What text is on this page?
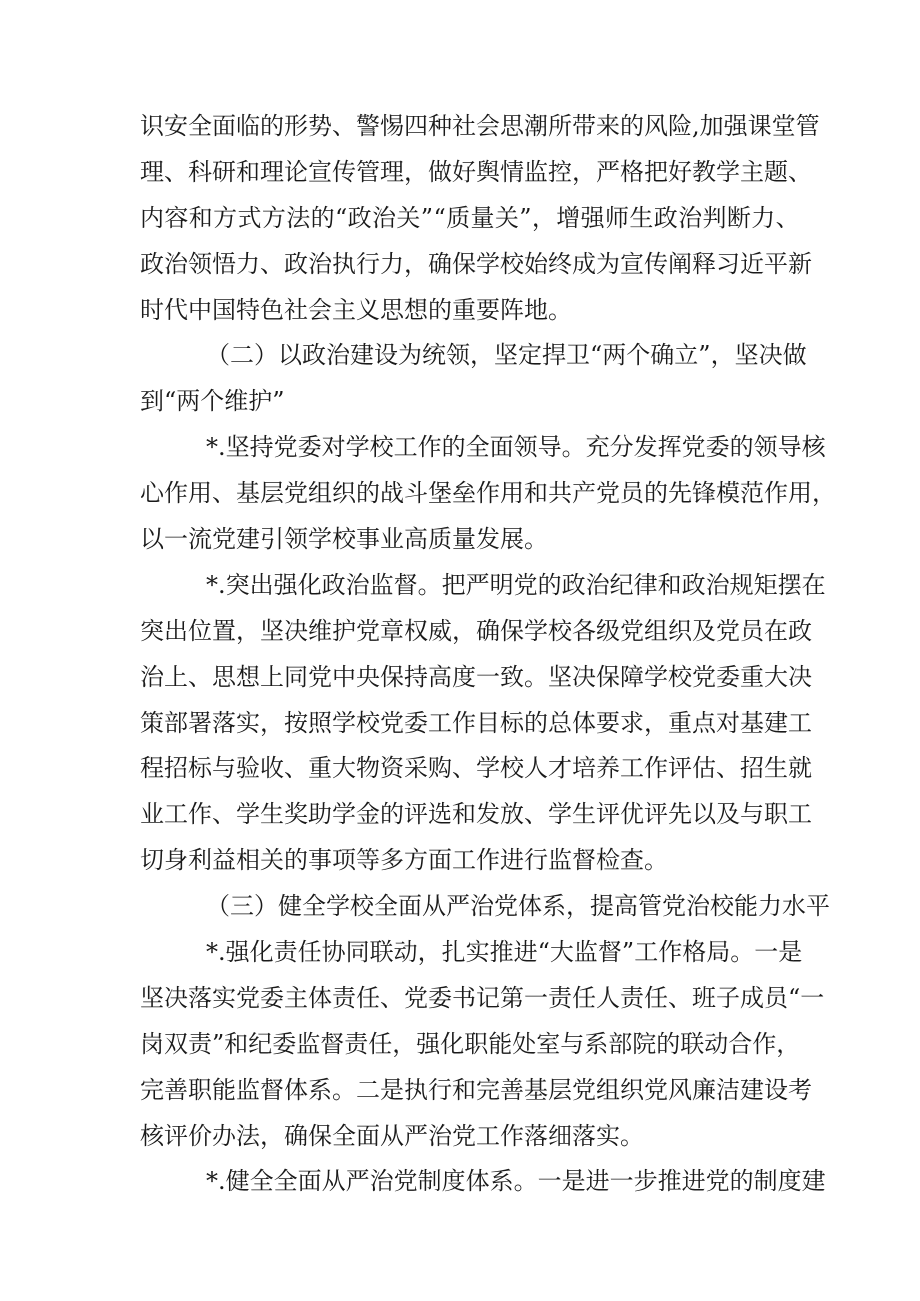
识 安 全 面 临 的 形 势 、 警 惕 四 种 社 会 思 潮 所 带 来 的 风 险 , 加 强 课 堂 管
理 、 科 研 和 理 论 宣 传 管 理 ， 做 好 舆 情 监 控 ， 严 格 把 好 教 学 主 题 、
内 容 和 方 式 方 法 的 “ 政 治 关 ” “ 质 量 关 ” ， 增 强 师 生 政 治 判 断 力 、
政 治 领 悟 力 、 政 治 执 行 力 ， 确 保 学 校 始 终 成 为 宣 传 阐 释 习 近 平 新
时代中国特色社会主义思想的重要阵地。
（ 二 ） 以 政 治 建 设 为 统 领 ， 坚 定 捍 卫 “ 两 个 确 立 ” ， 坚 决 做
到“两个维护”
* . 坚 持 党 委 对 学 校 工 作 的 全 面 领 导 。 充 分 发 挥 党 委 的 领 导 核
心 作 用 、 基 层 党 组 织 的 战 斗 堡 垒 作 用 和 共 产 党 员 的 先 锋 模 范 作 用 ，
以一流党建引领学校事业高质量发展。
* . 突 出 强 化 政 治 监 督 。 把 严 明 党 的 政 治 纪 律 和 政 治 规 矩 摆 在
突 出 位 置 ， 坚 决 维 护 党 章 权 威 ， 确 保 学 校 各 级 党 组 织 及 党 员 在 政
治 上 、 思 想 上 同 党 中 央 保 持 高 度 一 致 。 坚 决 保 障 学 校 党 委 重 大 决
策 部 署 落 实 ， 按 照 学 校 党 委 工 作 目 标 的 总 体 要 求 ， 重 点 对 基 建 工
程 招 标 与 验 收 、 重 大 物 资 采 购 、 学 校 人 才 培 养 工 作 评 估 、 招 生 就
业 工 作 、 学 生 奖 助 学 金 的 评 选 和 发 放 、 学 生 评 优 评 先 以 及 与 职 工
切身利益相关的事项等多方面工作进行监督检查。
（ 三 ） 健 全 学 校 全 面 从 严 治 党 体 系 ， 提 高 管 党 治 校 能 力 水 平
* . 强 化 责 任 协 同 联 动 ， 扎 实 推 进 “ 大 监 督 ” 工 作 格 局 。 一 是
坚 决 落 实 党 委 主 体 责 任 、 党 委 书 记 第 一 责 任 人 责 任 、 班 子 成 员 “ 一
岗 双 责 ” 和 纪 委 监 督 责 任 ， 强 化 职 能 处 室 与 系 部 院 的 联 动 合 作 ，
完 善 职 能 监 督 体 系 。 二 是 执 行 和 完 善 基 层 党 组 织 党 风 廉 洁 建 设 考
核评价办法，确保全面从严治党工作落细落实。
* . 健 全 全 面 从 严 治 党 制 度 体 系 。 一 是 进 一 步 推 进 党 的 制 度 建
